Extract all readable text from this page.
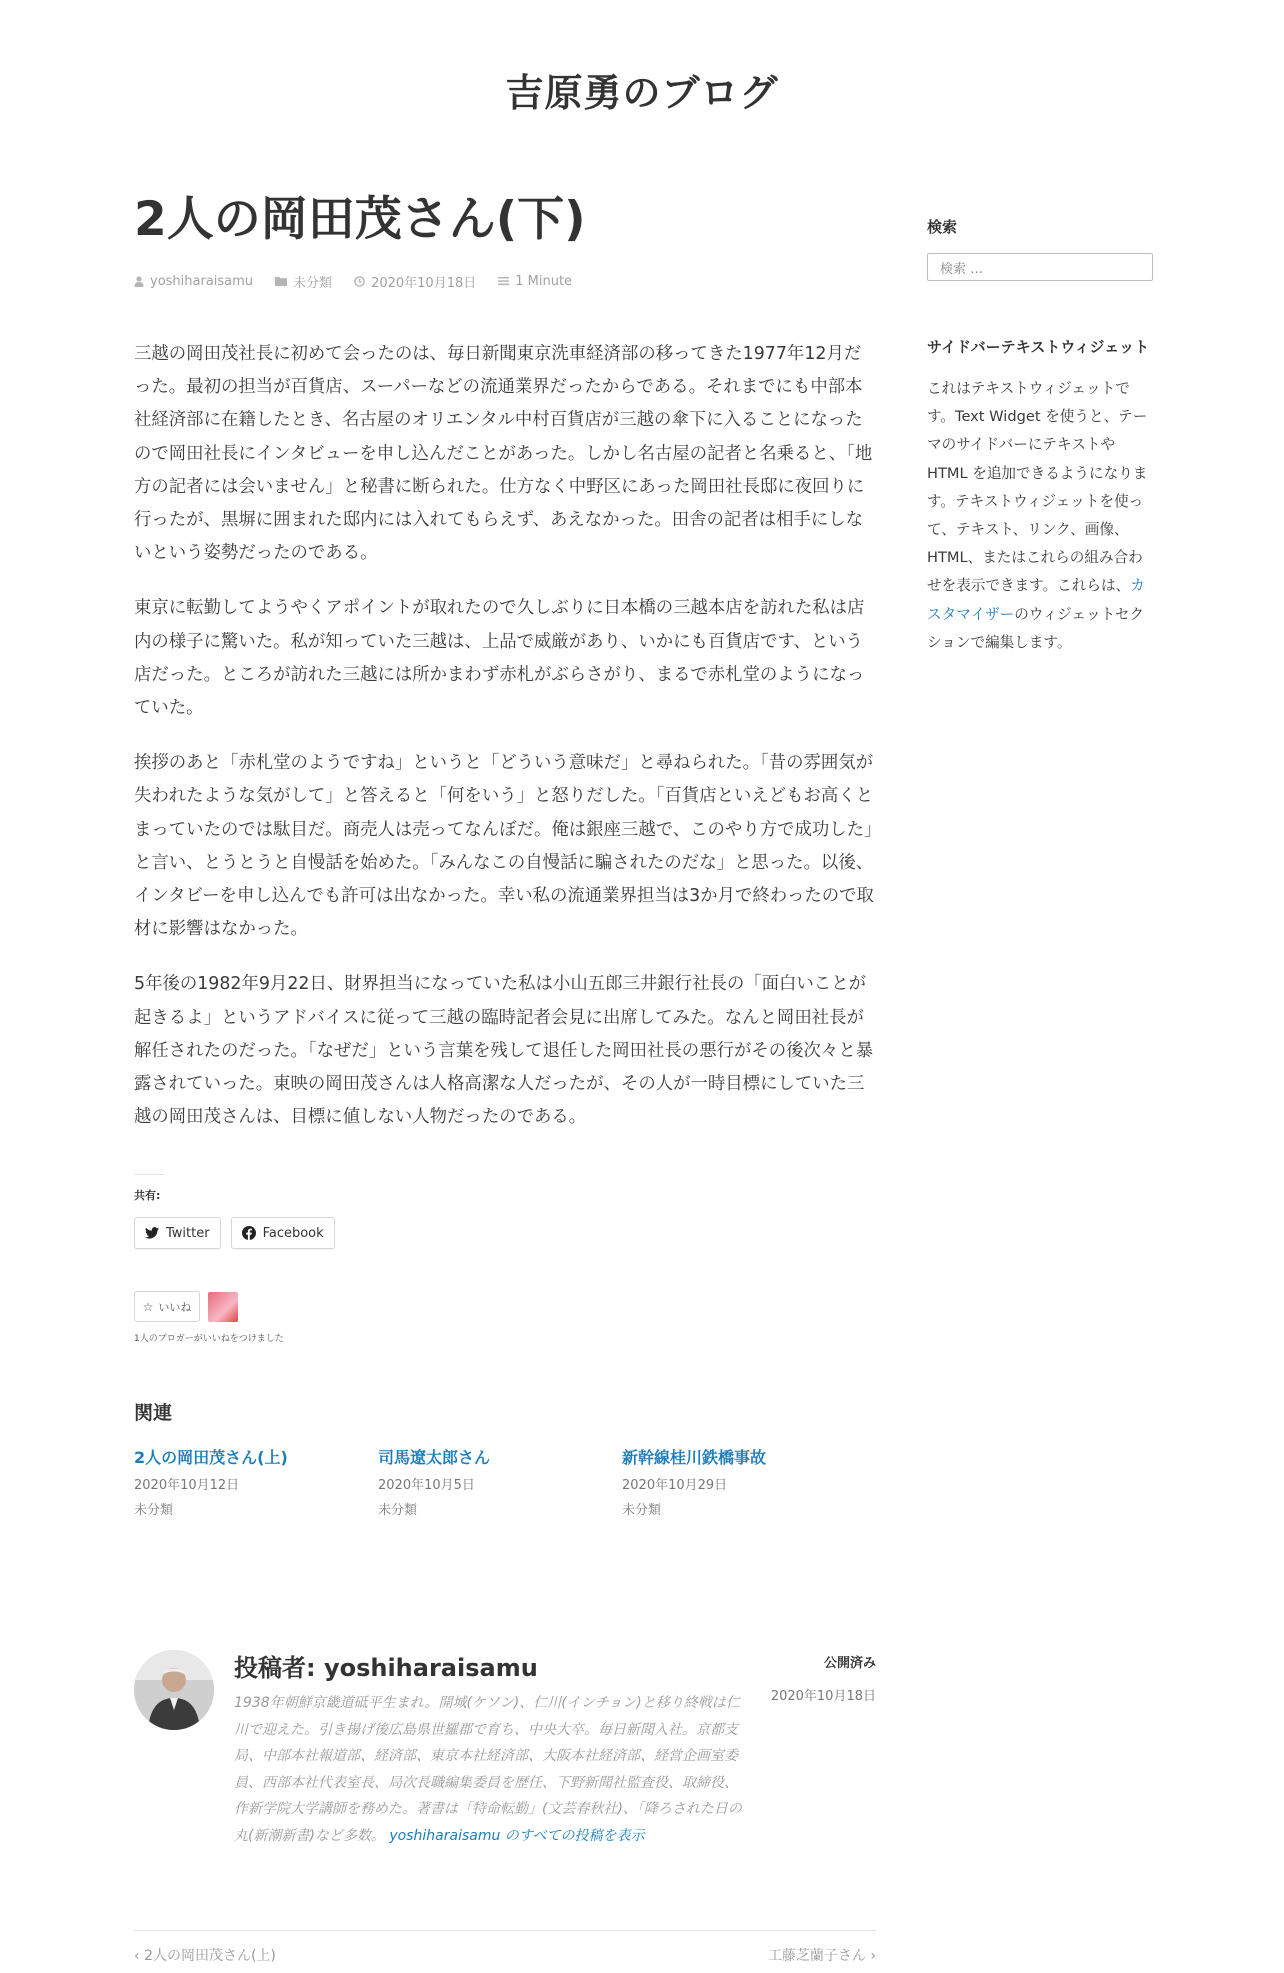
吉原勇のブログ
2人の岡田茂さん(下)
yoshiharaisamu	未分類	2020年10月18日	1 Minute

三越の岡田茂社長に初めて会ったのは、毎日新聞東京洗車経済部の移ってきた1977年12月だった。最初の担当が百貨店、スーパーなどの流通業界だったからである。それまでにも中部本社経済部に在籍したとき、名古屋のオリエンタル中村百貨店が三越の傘下に入ることになったので岡田社長にインタビューを申し込んだことがあった。しかし名古屋の記者と名乗ると、「地方の記者には会いません」と秘書に断られた。仕方なく中野区にあった岡田社長邸に夜回りに行ったが、黒塀に囲まれた邸内には入れてもらえず、あえなかった。田舎の記者は相手にしないという姿勢だったのである。

東京に転勤してようやくアポイントが取れたので久しぶりに日本橋の三越本店を訪れた私は店内の様子に驚いた。私が知っていた三越は、上品で威厳があり、いかにも百貨店です、という店だった。ところが訪れた三越には所かまわず赤札がぶらさがり、まるで赤札堂のようになっていた。

挨拶のあと「赤札堂のようですね」というと「どういう意味だ」と尋ねられた。「昔の雰囲気が失われたような気がして」と答えると「何をいう」と怒りだした。「百貨店といえどもお高くとまっていたのでは駄目だ。商売人は売ってなんぼだ。俺は銀座三越で、このやり方で成功した」と言い、とうとうと自慢話を始めた。「みんなこの自慢話に騙されたのだな」と思った。以後、インタビーを申し込んでも許可は出なかった。幸い私の流通業界担当は3か月で終わったので取材に影響はなかった。

5年後の1982年9月22日、財界担当になっていた私は小山五郎三井銀行社長の「面白いことが起きるよ」というアドバイスに従って三越の臨時記者会見に出席してみた。なんと岡田社長が解任されたのだった。「なぜだ」という言葉を残して退任した岡田社長の悪行がその後次々と暴露されていった。東映の岡田茂さんは人格高潔な人だったが、その人が一時目標にしていた三越の岡田茂さんは、目標に値しない人物だったのである。

共有:
Twitter	Facebook
☆ いいね
1人のブロガーがいいねをつけました
関連
2人の岡田茂さん(上)
2020年10月12日
未分類
司馬遼太郎さん
2020年10月5日
未分類
新幹線桂川鉄橋事故
2020年10月29日
未分類
投稿者: yoshiharaisamu
1938年朝鮮京畿道砥平生まれ。開城(ケソン)、仁川(インチョン)と移り終戦は仁川で迎えた。引き揚げ後広島県世羅郡で育ち、中央大卒。毎日新聞入社。京都支局、中部本社報道部、経済部、東京本社経済部、大阪本社経済部、経営企画室委員、西部本社代表室長、局次長職編集委員を歴任、下野新聞社監査役、取締役、作新学院大学講師を務めた。著書は「特命転勤」(文芸春秋社)、「降ろされた日の丸(新潮新書)など多数。 yoshiharaisamu のすべての投稿を表示
公開済み
2020年10月18日
‹ 2人の岡田茂さん(上)	工藤芝蘭子さん ›
検索
検索 …
サイドバーテキストウィジェット
これはテキストウィジェットです。Text Widget を使うと、テーマのサイドバーにテキストや HTML を追加できるようになります。テキストウィジェットを使って、テキスト、リンク、画像、HTML、またはこれらの組み合わせを表示できます。これらは、カスタマイザーのウィジェットセクションで編集します。
